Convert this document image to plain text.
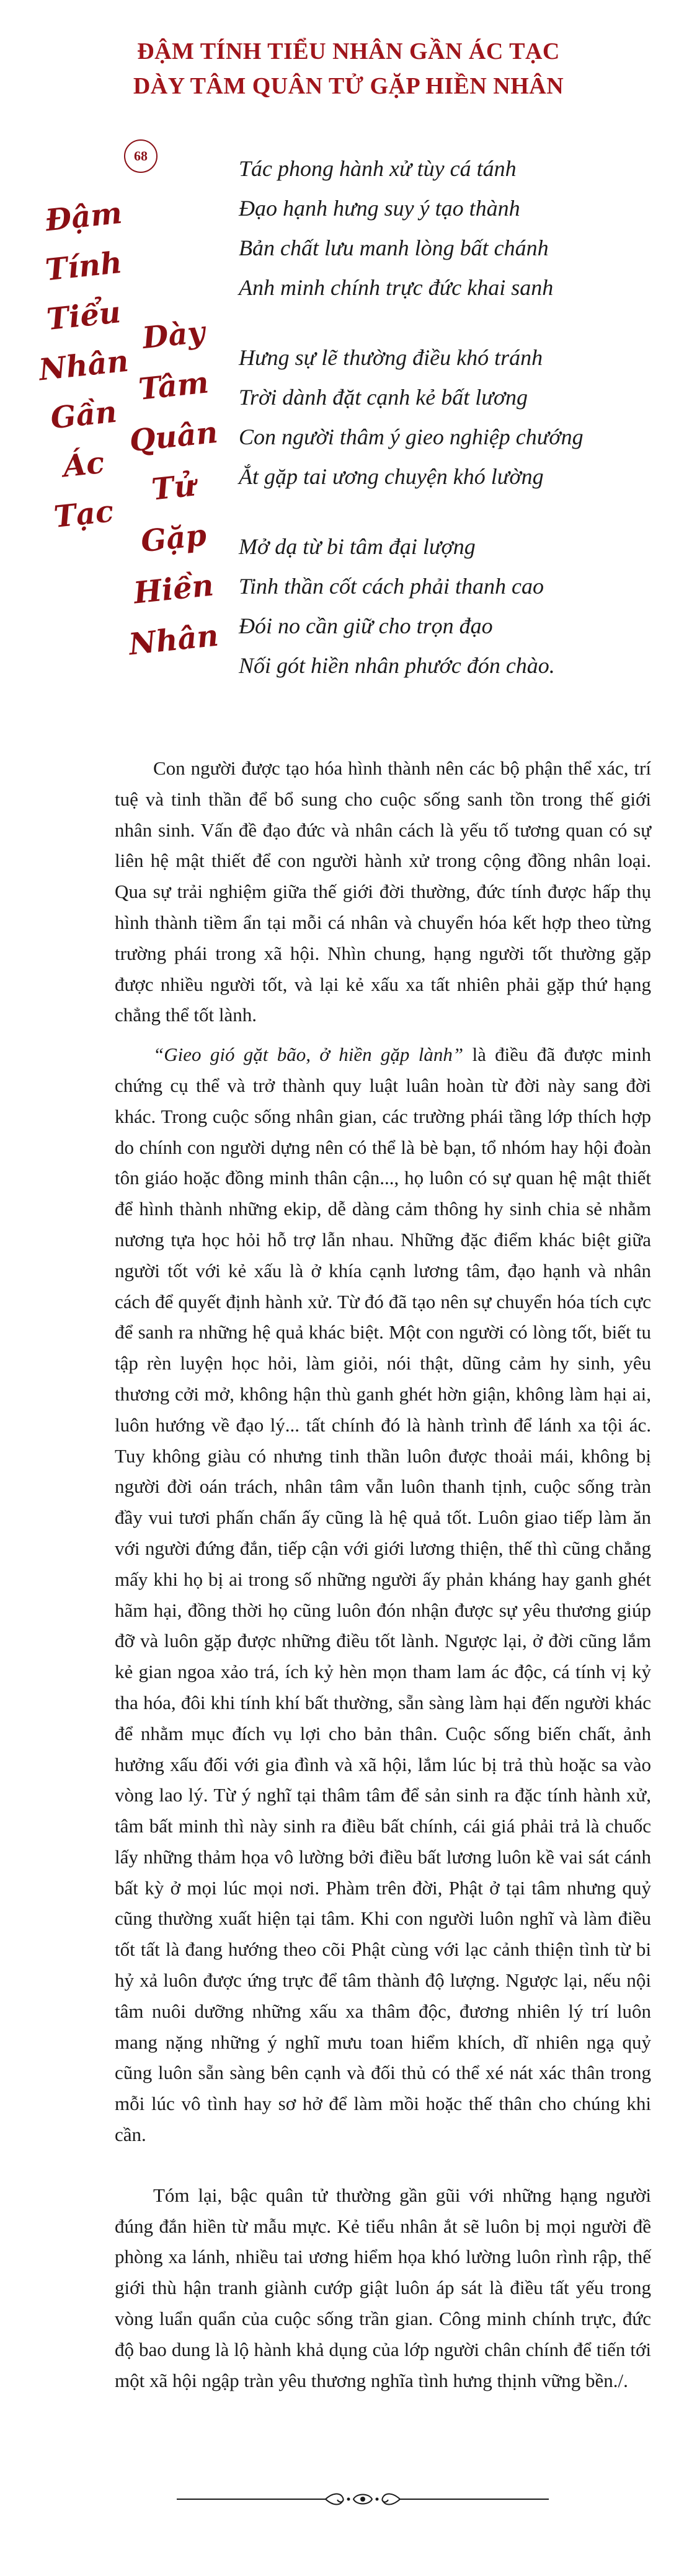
ĐẬM TÍNH TIỂU NHÂN GẦN ÁC TẠC
DÀY TÂM QUÂN TỬ GẶP HIỀN NHÂN
68
Đậm
Tính
Tiểu
Nhân
Gần
Ác
Tạc
Dày
Tâm
Quân
Tử
Gặp
Hiền
Nhân
Tác phong hành xử tùy cá tánh
Đạo hạnh hưng suy ý tạo thành
Bản chất lưu manh lòng bất chánh
Anh minh chính trực đức khai sanh
Hưng sự lẽ thường điều khó tránh
Trời dành đặt cạnh kẻ bất lương
Con người thâm ý gieo nghiệp chướng
Ắt gặp tai ương chuyện khó lường
Mở dạ từ bi tâm đại lượng
Tinh thần cốt cách phải thanh cao
Đói no cần giữ cho trọn đạo
Nối gót hiền nhân phước đón chào.

Con người được tạo hóa hình thành nên các bộ phận thể xác, trí tuệ và tinh thần để bổ sung cho cuộc sống sanh tồn trong thế giới nhân sinh. Vấn đề đạo đức và nhân cách là yếu tố tương quan có sự liên hệ mật thiết để con người hành xử trong cộng đồng nhân loại. Qua sự trải nghiệm giữa thế giới đời thường, đức tính được hấp thụ hình thành tiềm ẩn tại mỗi cá nhân và chuyển hóa kết hợp theo từng trường phái trong xã hội. Nhìn chung, hạng người tốt thường gặp được nhiều người tốt, và lại kẻ xấu xa tất nhiên phải gặp thứ hạng chẳng thể tốt lành.

“Gieo gió gặt bão, ở hiền gặp lành” là điều đã được minh chứng cụ thể và trở thành quy luật luân hoàn từ đời này sang đời khác. Trong cuộc sống nhân gian, các trường phái tầng lớp thích hợp do chính con người dựng nên có thể là bè bạn, tổ nhóm hay hội đoàn tôn giáo hoặc đồng minh thân cận..., họ luôn có sự quan hệ mật thiết để hình thành những ekip, dễ dàng cảm thông hy sinh chia sẻ nhằm nương tựa học hỏi hỗ trợ lẫn nhau. Những đặc điểm khác biệt giữa người tốt với kẻ xấu là ở khía cạnh lương tâm, đạo hạnh và nhân cách để quyết định hành xử. Từ đó đã tạo nên sự chuyển hóa tích cực để sanh ra những hệ quả khác biệt. Một con người có lòng tốt, biết tu tập rèn luyện học hỏi, làm giỏi, nói thật, dũng cảm hy sinh, yêu thương cởi mở, không hận thù ganh ghét hờn giận, không làm hại ai, luôn hướng về đạo lý... tất chính đó là hành trình để lánh xa tội ác. Tuy không giàu có nhưng tinh thần luôn được thoải mái, không bị người đời oán trách, nhân tâm vẫn luôn thanh tịnh, cuộc sống tràn đầy vui tươi phấn chấn ấy cũng là hệ quả tốt. Luôn giao tiếp làm ăn với người đứng đắn, tiếp cận với giới lương thiện, thế thì cũng chẳng mấy khi họ bị ai trong số những người ấy phản kháng hay ganh ghét hãm hại, đồng thời họ cũng luôn đón nhận được sự yêu thương giúp đỡ và luôn gặp được những điều tốt lành. Ngược lại, ở đời cũng lắm kẻ gian ngoa xảo trá, ích kỷ hèn mọn tham lam ác độc, cá tính vị kỷ tha hóa, đôi khi tính khí bất thường, sẵn sàng làm hại đến người khác để nhằm mục đích vụ lợi cho bản thân. Cuộc sống biến chất, ảnh hưởng xấu đối với gia đình và xã hội, lắm lúc bị trả thù hoặc sa vào vòng lao lý. Từ ý nghĩ tại thâm tâm để sản sinh ra đặc tính hành xử, tâm bất minh thì này sinh ra điều bất chính, cái giá phải trả là chuốc lấy những thảm họa vô lường bởi điều bất lương luôn kề vai sát cánh bất kỳ ở mọi lúc mọi nơi. Phàm trên đời, Phật ở tại tâm nhưng quỷ cũng thường xuất hiện tại tâm. Khi con người luôn nghĩ và làm điều tốt tất là đang hướng theo cõi Phật cùng với lạc cảnh thiện tình từ bi hỷ xả luôn được ứng trực để tâm thành độ lượng. Ngược lại, nếu nội tâm nuôi dưỡng những xấu xa thâm độc, đương nhiên lý trí luôn mang nặng những ý nghĩ mưu toan hiểm khích, dĩ nhiên ngạ quỷ cũng luôn sẵn sàng bên cạnh và đối thủ có thể xé nát xác thân trong mỗi lúc vô tình hay sơ hở để làm mồi hoặc thế thân cho chúng khi cần.

Tóm lại, bậc quân tử thường gần gũi với những hạng người đúng đắn hiền từ mẫu mực. Kẻ tiểu nhân ắt sẽ luôn bị mọi người đề phòng xa lánh, nhiều tai ương hiểm họa khó lường luôn rình rập, thế giới thù hận tranh giành cướp giật luôn áp sát là điều tất yếu trong vòng luẩn quẩn của cuộc sống trần gian. Công minh chính trực, đức độ bao dung là lộ hành khả dụng của lớp người chân chính để tiến tới một xã hội ngập tràn yêu thương nghĩa tình hưng thịnh vững bền./.
